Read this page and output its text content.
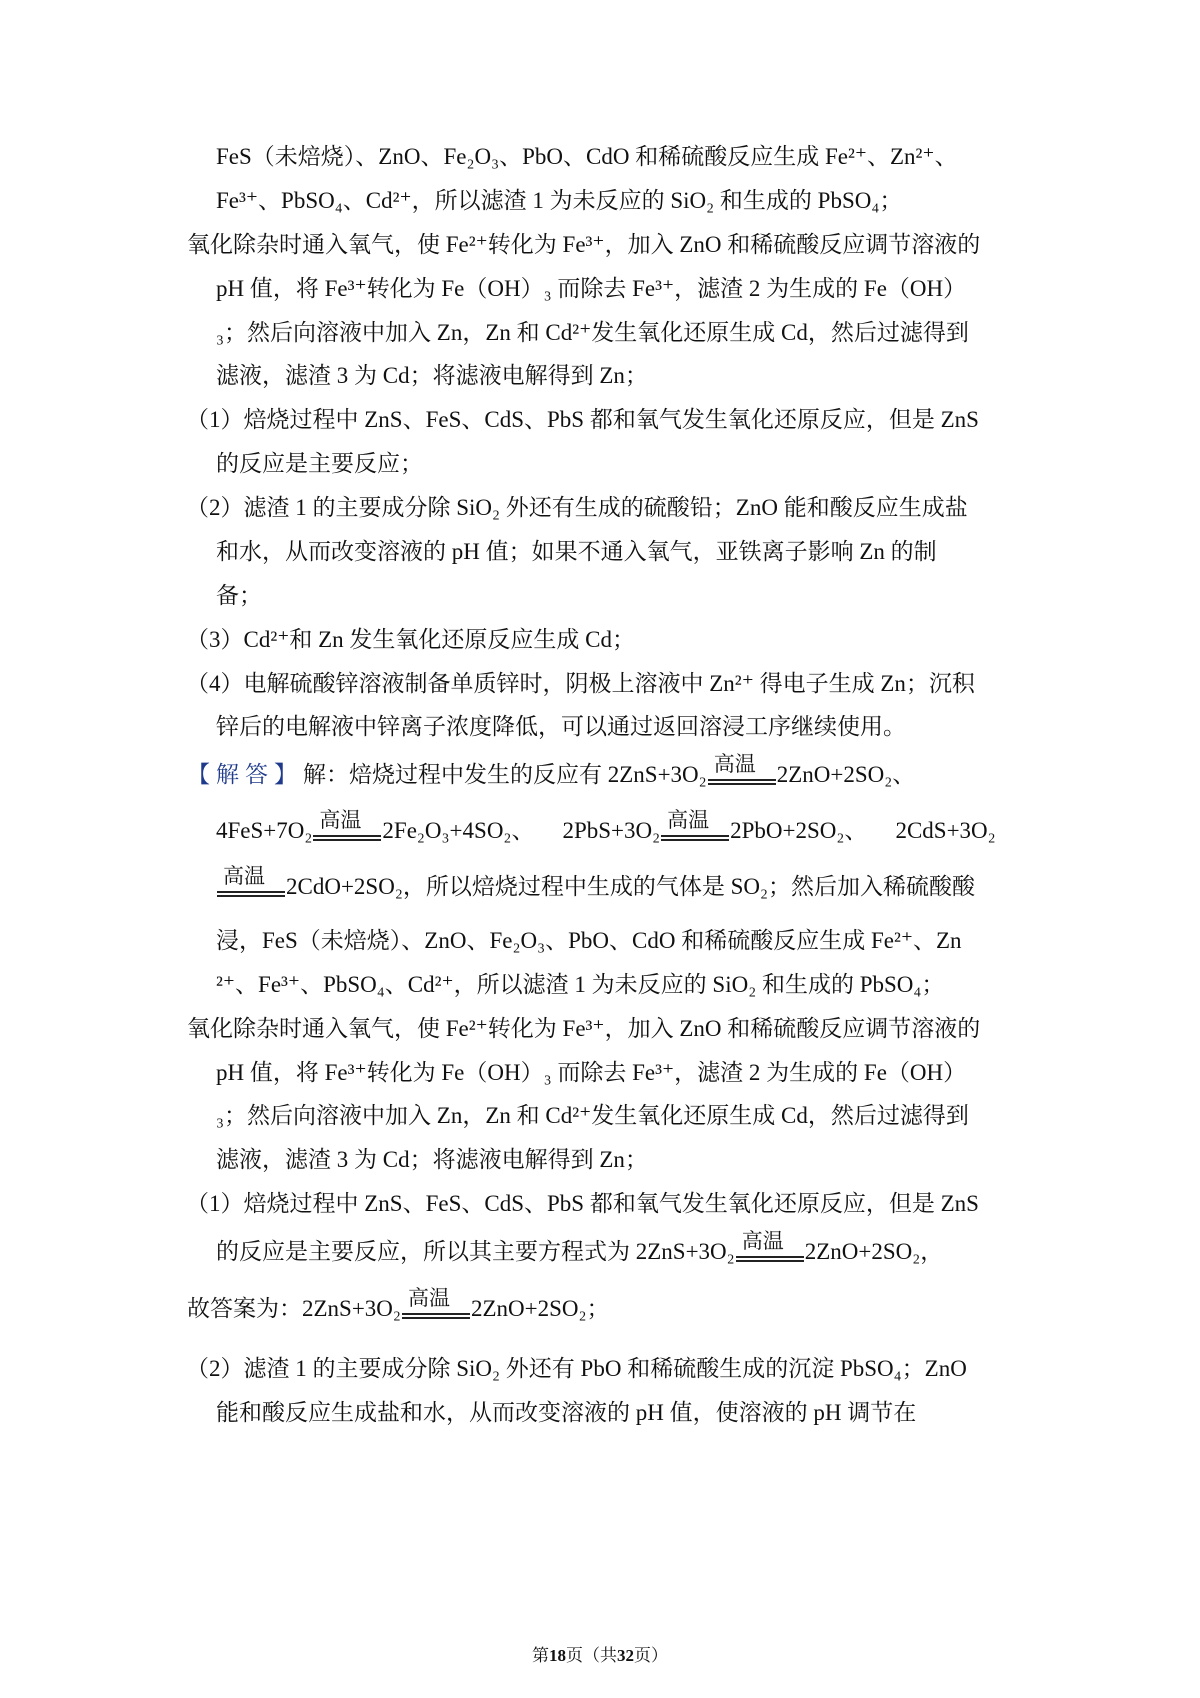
FeS（未焙烧）、ZnO、Fe₂O₃、PbO、CdO 和稀硫酸反应生成 Fe²⁺、Zn²⁺、
Fe³⁺、PbSO₄、Cd²⁺，所以滤渣 1 为未反应的 SiO₂ 和生成的 PbSO₄；
氧化除杂时通入氧气，使 Fe²⁺转化为 Fe³⁺，加入 ZnO 和稀硫酸反应调节溶液的
pH 值，将 Fe³⁺转化为 Fe（OH）₃ 而除去 Fe³⁺，滤渣 2 为生成的 Fe（OH）
₃；然后向溶液中加入 Zn，Zn 和 Cd²⁺发生氧化还原生成 Cd，然后过滤得到
滤液，滤渣 3 为 Cd；将滤液电解得到 Zn；
（1）焙烧过程中 ZnS、FeS、CdS、PbS 都和氧气发生氧化还原反应，但是 ZnS
的反应是主要反应；
（2）滤渣 1 的主要成分除 SiO₂ 外还有生成的硫酸铅；ZnO 能和酸反应生成盐
和水，从而改变溶液的 pH 值；如果不通入氧气，亚铁离子影响 Zn 的制
备；
（3）Cd²⁺和 Zn 发生氧化还原反应生成 Cd；
（4）电解硫酸锌溶液制备单质锌时，阴极上溶液中 Zn²⁺ 得电子生成 Zn；沉积
锌后的电解液中锌离子浓度降低，可以通过返回溶浸工序继续使用。
【解答】解：焙烧过程中发生的反应有 2ZnS+3O₂ 高温 2ZnO+2SO₂、
4FeS+7O₂ 高温 2Fe₂O₃+4SO₂、 2PbS+3O₂ 高温 2PbO+2SO₂、 2CdS+3O₂
高温 2CdO+2SO₂，所以焙烧过程中生成的气体是 SO₂；然后加入稀硫酸酸
浸，FeS（未焙烧）、ZnO、Fe₂O₃、PbO、CdO 和稀硫酸反应生成 Fe²⁺、Zn
²⁺、Fe³⁺、PbSO₄、Cd²⁺，所以滤渣 1 为未反应的 SiO₂ 和生成的 PbSO₄；
氧化除杂时通入氧气，使 Fe²⁺转化为 Fe³⁺，加入 ZnO 和稀硫酸反应调节溶液的
pH 值，将 Fe³⁺转化为 Fe（OH）₃ 而除去 Fe³⁺，滤渣 2 为生成的 Fe（OH）
₃；然后向溶液中加入 Zn，Zn 和 Cd²⁺发生氧化还原生成 Cd，然后过滤得到
滤液，滤渣 3 为 Cd；将滤液电解得到 Zn；
（1）焙烧过程中 ZnS、FeS、CdS、PbS 都和氧气发生氧化还原反应，但是 ZnS
的反应是主要反应，所以其主要方程式为 2ZnS+3O₂ 高温 2ZnO+2SO₂，
故答案为：2ZnS+3O₂ 高温 2ZnO+2SO₂；
（2）滤渣 1 的主要成分除 SiO₂ 外还有 PbO 和稀硫酸生成的沉淀 PbSO₄；ZnO
能和酸反应生成盐和水，从而改变溶液的 pH 值，使溶液的 pH 调节在
第18页（共32页）
